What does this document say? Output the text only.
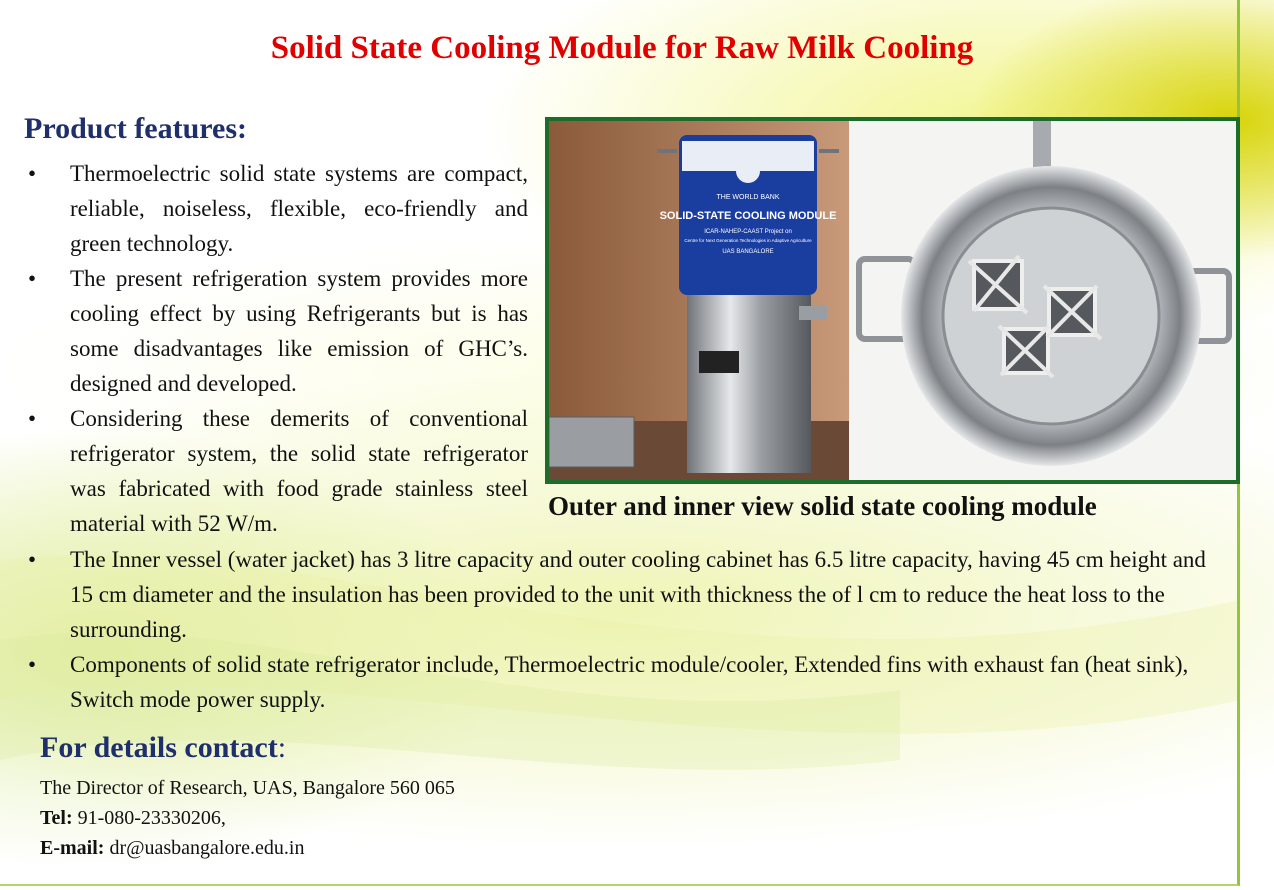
Solid State Cooling Module for Raw Milk Cooling
Product features:
• Thermoelectric solid state systems are compact, reliable, noiseless, flexible, eco-friendly and green technology.
• The present refrigeration system provides more cooling effect by using Refrigerants but is has some disadvantages like emission of GHC’s. designed and developed.
• Considering these demerits of conventional refrigerator system, the solid state refrigerator was fabricated with food grade stainless steel material with 52 W/m.
THE WORLD BANK
SOLID-STATE COOLING MODULE
ICAR-NAHEP-CAAST Project on
Centre for Next Generation Technologies in Adaptive Agriculture
UAS BANGALORE
Outer and inner view solid state cooling module
• The Inner vessel (water jacket) has 3 litre capacity and outer cooling cabinet has 6.5 litre capacity, having 45 cm height and 15 cm diameter and the insulation has been provided to the unit with thickness the of l cm to reduce the heat loss to the surrounding.
• Components of solid state refrigerator include, Thermoelectric module/cooler, Extended fins with exhaust fan (heat sink), Switch mode power supply.
For details contact:
The Director of Research, UAS, Bangalore 560 065
Tel: 91-080-23330206,
E-mail: dr@uasbangalore.edu.in
